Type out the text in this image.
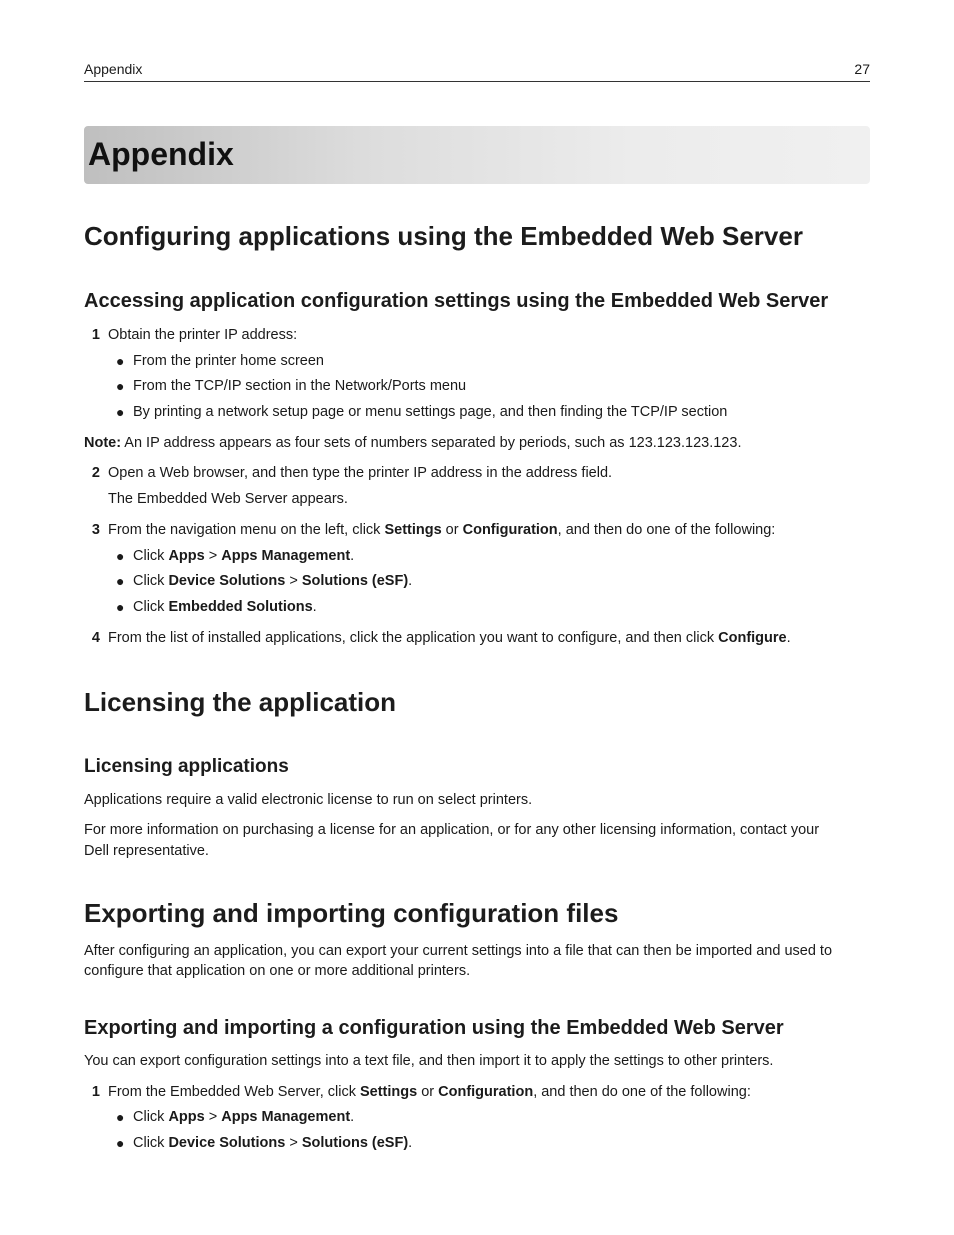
Appendix	27
Appendix
Configuring applications using the Embedded Web Server
Accessing application configuration settings using the Embedded Web Server
1 Obtain the printer IP address:
● From the printer home screen
● From the TCP/IP section in the Network/Ports menu
● By printing a network setup page or menu settings page, and then finding the TCP/IP section

Note: An IP address appears as four sets of numbers separated by periods, such as 123.123.123.123.

2 Open a Web browser, and then type the printer IP address in the address field.
The Embedded Web Server appears.
3 From the navigation menu on the left, click Settings or Configuration, and then do one of the following:
● Click Apps > Apps Management.
● Click Device Solutions > Solutions (eSF).
● Click Embedded Solutions.
4 From the list of installed applications, click the application you want to configure, and then click Configure.
Licensing the application
Licensing applications

Applications require a valid electronic license to run on select printers.

For more information on purchasing a license for an application, or for any other licensing information, contact your

Dell representative.

Exporting and importing configuration files

After configuring an application, you can export your current settings into a file that can then be imported and used to

configure that application on one or more additional printers.

Exporting and importing a configuration using the Embedded Web Server

You can export configuration settings into a text file, and then import it to apply the settings to other printers.

1 From the Embedded Web Server, click Settings or Configuration, and then do one of the following:
● Click Apps > Apps Management.
● Click Device Solutions > Solutions (eSF).
